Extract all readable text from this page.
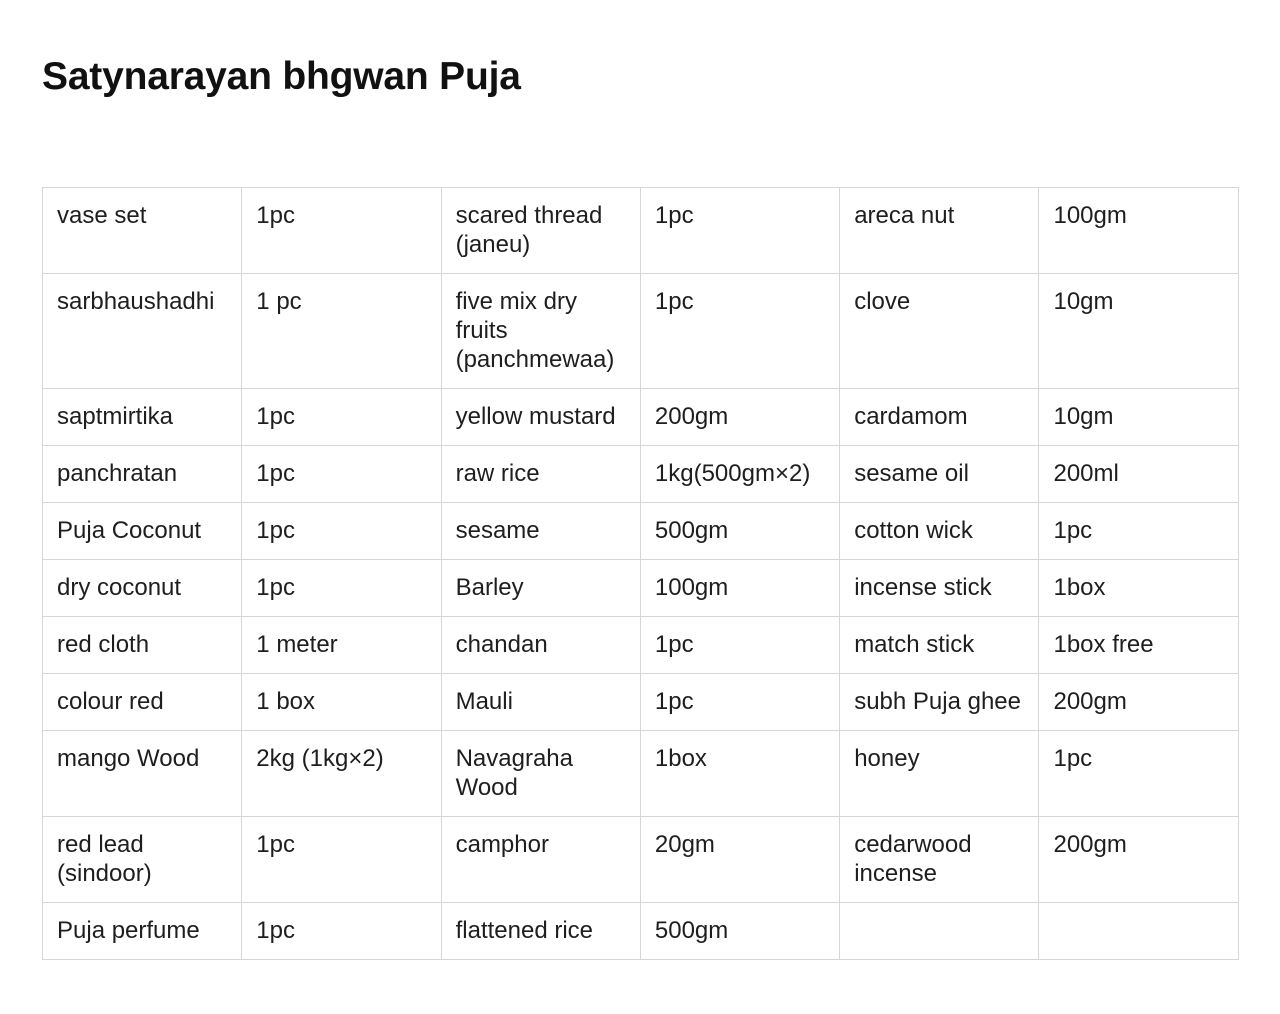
Satynarayan bhgwan Puja
vase set	1pc	scared thread (janeu)	1pc	areca nut	100gm
sarbhaushadhi	1 pc	five mix dry fruits (panchmewaa)	1pc	clove	10gm
saptmirtika	1pc	yellow mustard	200gm	cardamom	10gm
panchratan	1pc	raw rice	1kg(500gm×2)	sesame oil	200ml
Puja Coconut	1pc	sesame	500gm	cotton wick	1pc
dry coconut	1pc	Barley	100gm	incense stick	1box
red cloth	1 meter	chandan	1pc	match stick	1box free
colour red	1 box	Mauli	1pc	subh Puja ghee	200gm
mango Wood	2kg (1kg×2)	Navagraha Wood	1box	honey	1pc
red lead (sindoor)	1pc	camphor	20gm	cedarwood incense	200gm
Puja perfume	1pc	flattened rice	500gm		
